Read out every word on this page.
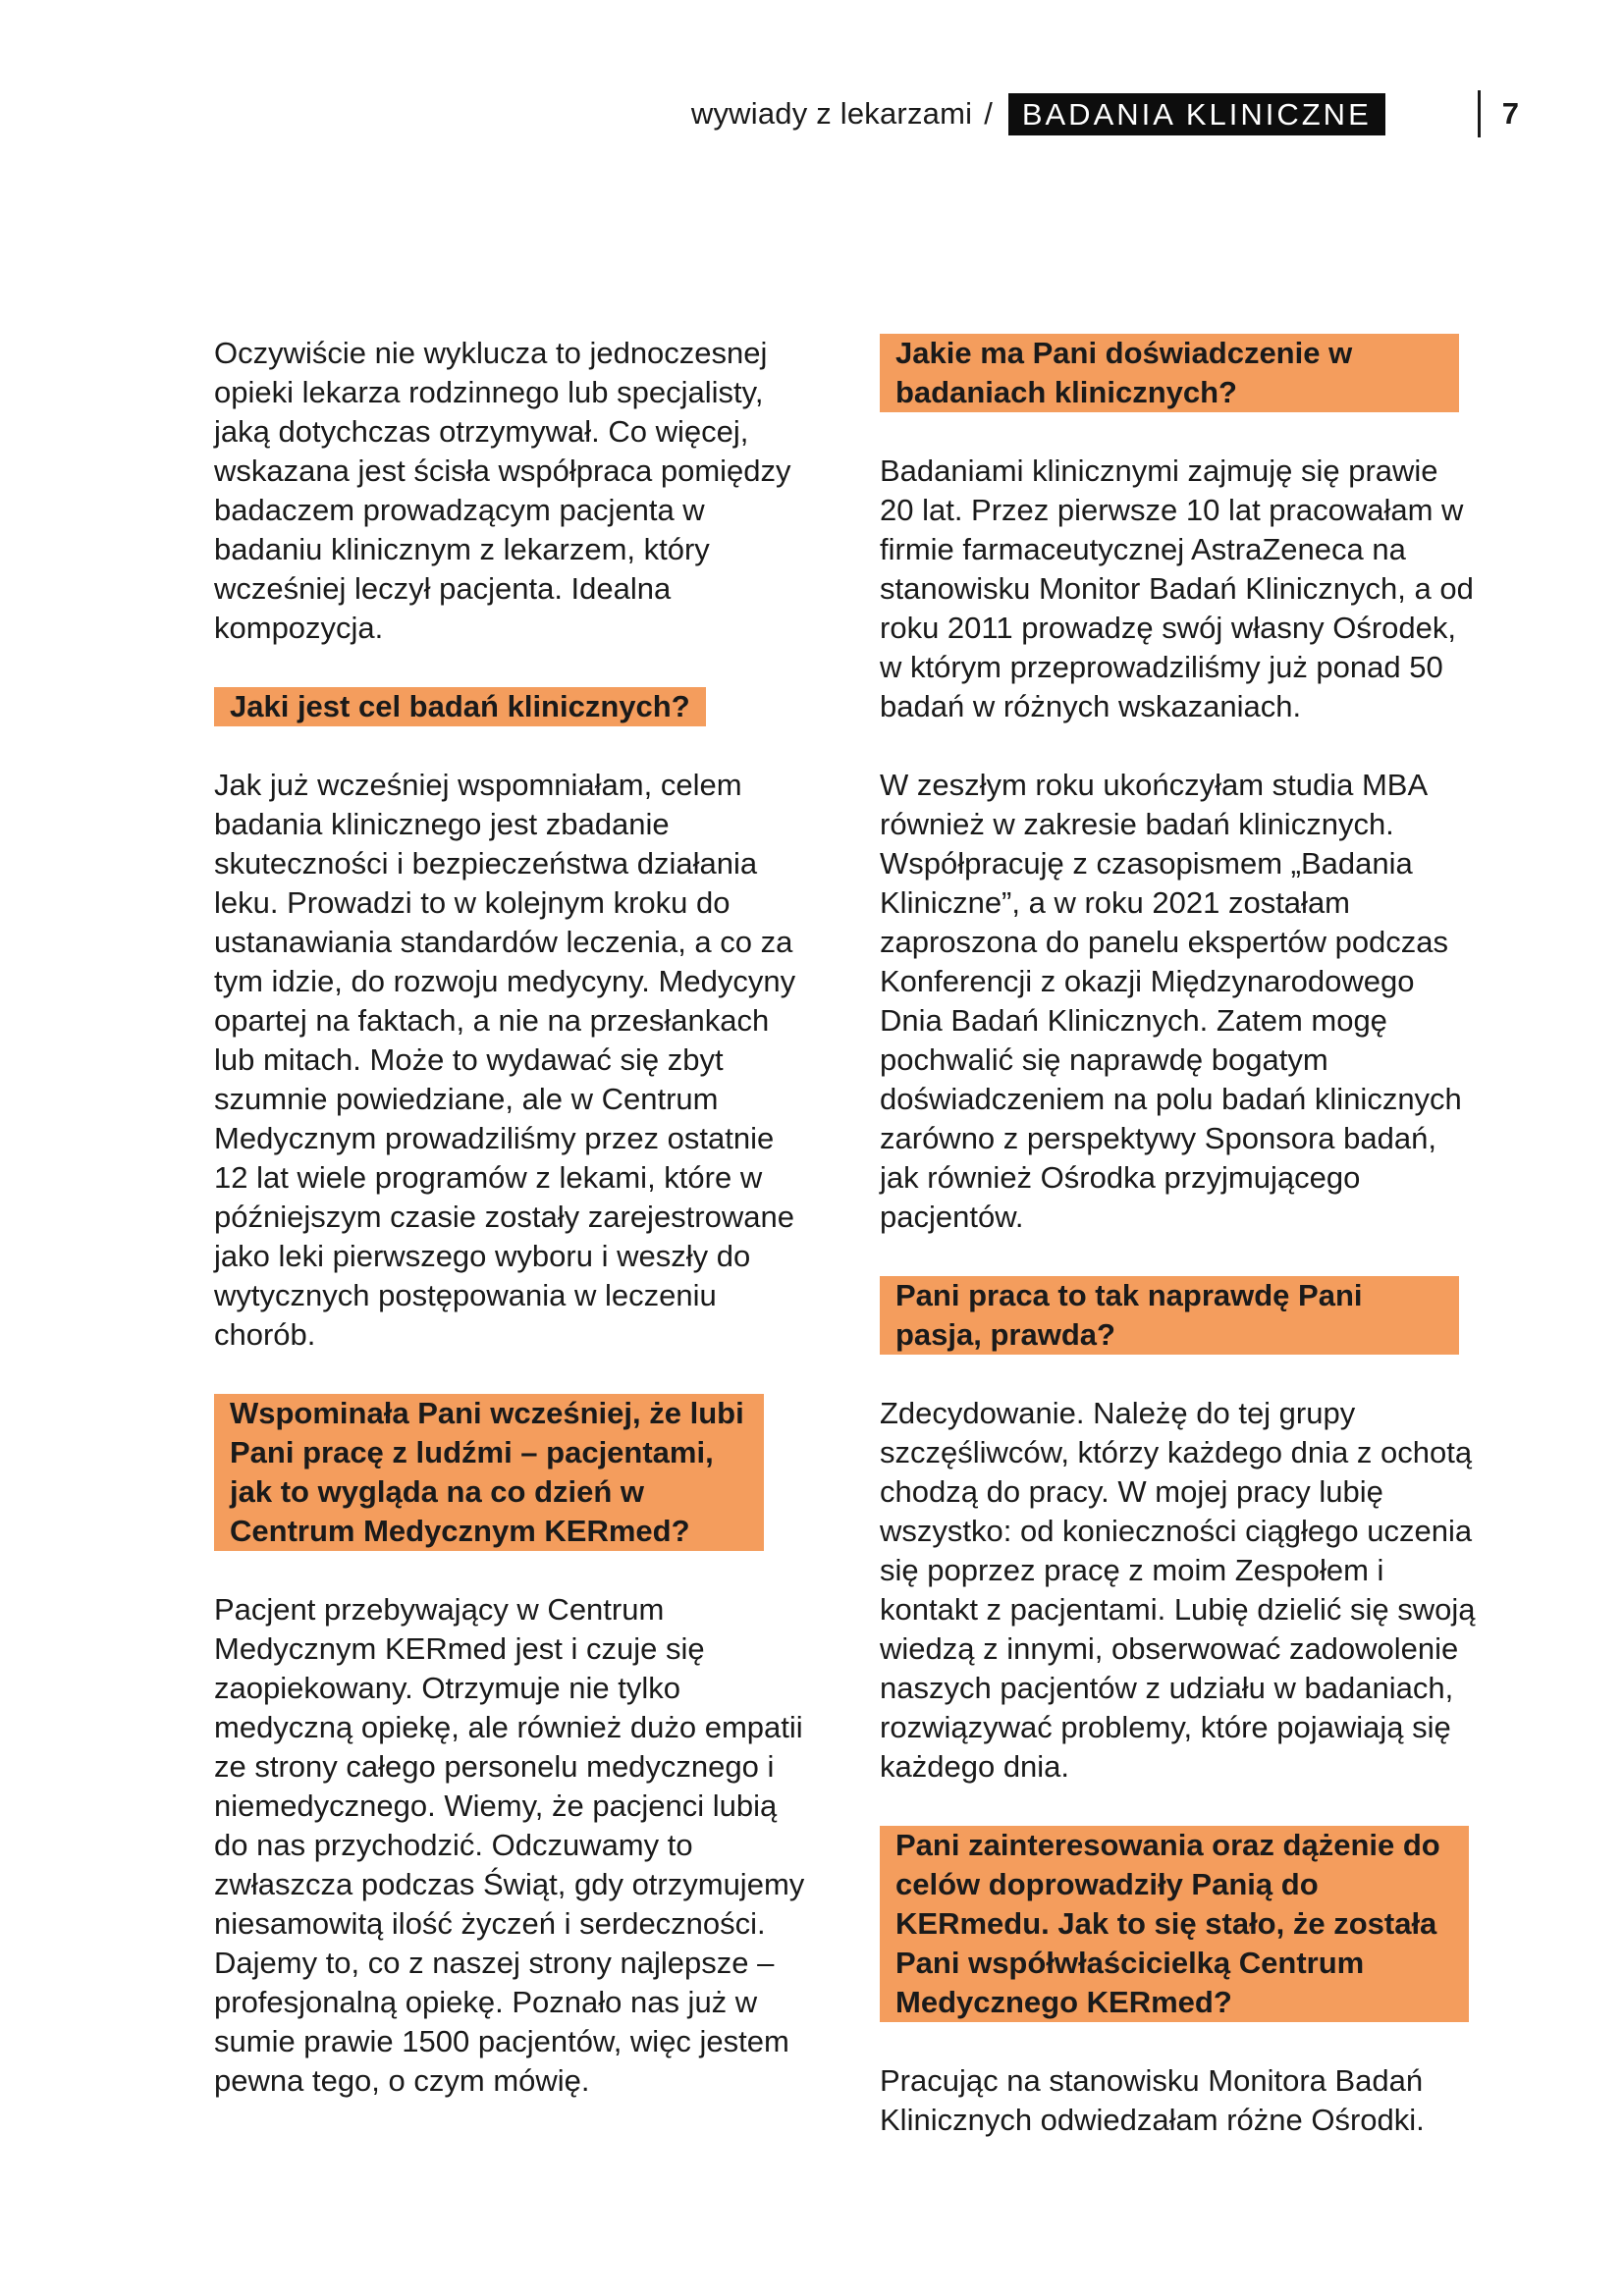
wywiady z lekarzami / BADANIA KLINICZNE	7

Oczywiście nie wyklucza to jednoczesnej opieki lekarza rodzinnego lub specjalisty, jaką dotychczas otrzymywał. Co więcej, wskazana jest ścisła współpraca pomiędzy badaczem prowadzącym pacjenta w badaniu klinicznym z lekarzem, który wcześniej leczył pacjenta. Idealna kompozycja.

Jaki jest cel badań klinicznych?

Jak już wcześniej wspomniałam, celem badania klinicznego jest zbadanie skuteczności i bezpieczeństwa działania leku. Prowadzi to w kolejnym kroku do ustanawiania standardów leczenia, a co za tym idzie, do rozwoju medycyny. Medycyny opartej na faktach, a nie na przesłankach lub mitach. Może to wydawać się zbyt szumnie powiedziane, ale w Centrum Medycznym prowadziliśmy przez ostatnie 12 lat wiele programów z lekami, które w późniejszym czasie zostały zarejestrowane jako leki pierwszego wyboru i weszły do wytycznych postępowania w leczeniu chorób.

Wspominała Pani wcześniej, że lubi Pani pracę z ludźmi – pacjentami, jak to wygląda na co dzień w Centrum Medycznym KERmed?

Pacjent przebywający w Centrum Medycznym KERmed jest i czuje się zaopiekowany. Otrzymuje nie tylko medyczną opiekę, ale również dużo empatii ze strony całego personelu medycznego i niemedycznego. Wiemy, że pacjenci lubią do nas przychodzić. Odczuwamy to zwłaszcza podczas Świąt, gdy otrzymujemy niesamowitą ilość życzeń i serdeczności. Dajemy to, co z naszej strony najlepsze – profesjonalną opiekę. Poznało nas już w sumie prawie 1500 pacjentów, więc jestem pewna tego, o czym mówię.

Jakie ma Pani doświadczenie w badaniach klinicznych?

Badaniami klinicznymi zajmuję się prawie 20 lat. Przez pierwsze 10 lat pracowałam w firmie farmaceutycznej AstraZeneca na stanowisku Monitor Badań Klinicznych, a od roku 2011 prowadzę swój własny Ośrodek, w którym przeprowadziliśmy już ponad 50 badań w różnych wskazaniach.

W zeszłym roku ukończyłam studia MBA również w zakresie badań klinicznych. Współpracuję z czasopismem „Badania Kliniczne”, a w roku 2021 zostałam zaproszona do panelu ekspertów podczas Konferencji z okazji Międzynarodowego Dnia Badań Klinicznych. Zatem mogę pochwalić się naprawdę bogatym doświadczeniem na polu badań klinicznych zarówno z perspektywy Sponsora badań, jak również Ośrodka przyjmującego pacjentów.

Pani praca to tak naprawdę Pani pasja, prawda?

Zdecydowanie. Należę do tej grupy szczęśliwców, którzy każdego dnia z ochotą chodzą do pracy. W mojej pracy lubię wszystko: od konieczności ciągłego uczenia się poprzez pracę z moim Zespołem i kontakt z pacjentami. Lubię dzielić się swoją wiedzą z innymi, obserwować zadowolenie naszych pacjentów z udziału w badaniach, rozwiązywać problemy, które pojawiają się każdego dnia.

Pani zainteresowania oraz dążenie do celów doprowadziły Panią do KERmedu. Jak to się stało, że została Pani współwłaścicielką Centrum Medycznego KERmed?

Pracując na stanowisku Monitora Badań Klinicznych odwiedzałam różne Ośrodki.
